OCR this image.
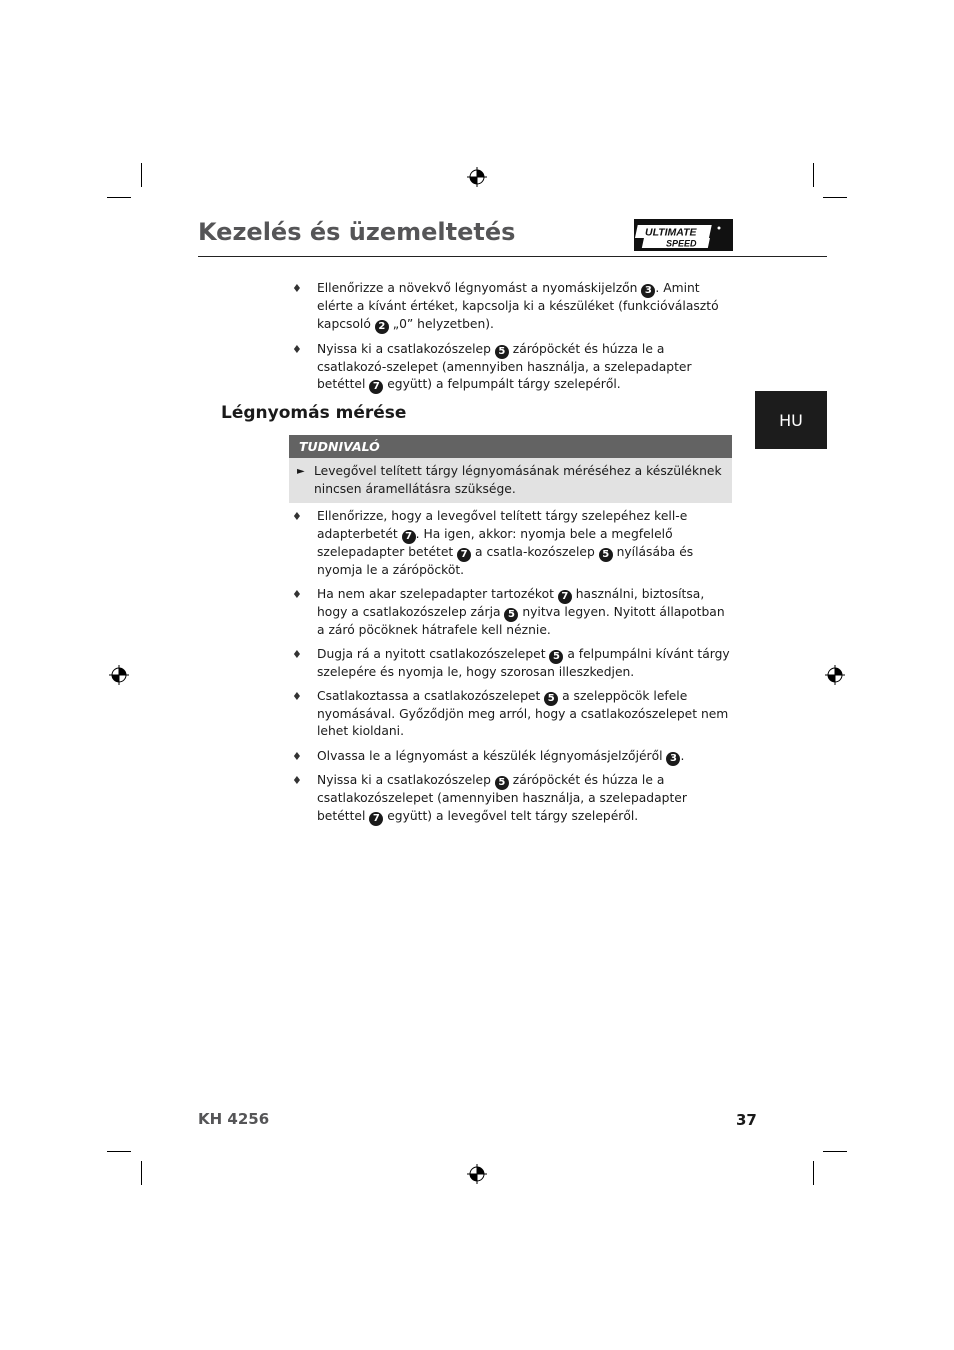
Kezelés és üzemeltetés	ULTIMATE
SPEED
HU
♦ Ellenőrizze a növekvő légnyomást a nyomáskijelzőn 3 . Amint elérte a kívánt értéket, kapcsolja ki a készüléket (funkcióválasztó kapcsoló 2 „0” helyzetben).
♦ Nyissa ki a csatlakozószelep 5 zárópöckét és húzza le a csatlakozó-szelepet (amennyiben használja, a szelepadapter betéttel 7 együtt) a felpumpált tárgy szelepéről.
Légnyomás mérése
TUDNIVALÓ
► Levegővel telített tárgy légnyomásának méréséhez a készüléknek nincsen áramellátásra szüksége.
♦ Ellenőrizze, hogy a levegővel telített tárgy szelepéhez kell-e adapterbetét 7 . Ha igen, akkor: nyomja bele a megfelelő szelepadapter betétet 7 a csatla-kozószelep 5 nyílásába és nyomja le a zárópöcköt.
♦ Ha nem akar szelepadapter tartozékot 7 használni, biztosítsa, hogy a csatlakozószelep zárja 5 nyitva legyen. Nyitott állapotban a záró pöcöknek hátrafele kell néznie.
♦ Dugja rá a nyitott csatlakozószelepet 5 a felpumpálni kívánt tárgy szelepére és nyomja le, hogy szorosan illeszkedjen.
♦ Csatlakoztassa a csatlakozószelepet 5 a szeleppöcök lefele nyomásával. Győződjön meg arról, hogy a csatlakozószelepet nem lehet kioldani.
♦ Olvassa le a légnyomást a készülék légnyomásjelzőjéről 3 .
♦ Nyissa ki a csatlakozószelep 5 zárópöckét és húzza le a csatlakozószelepet (amennyiben használja, a szelepadapter betéttel 7 együtt) a levegővel telt tárgy szelepéről.
KH 4256	37
